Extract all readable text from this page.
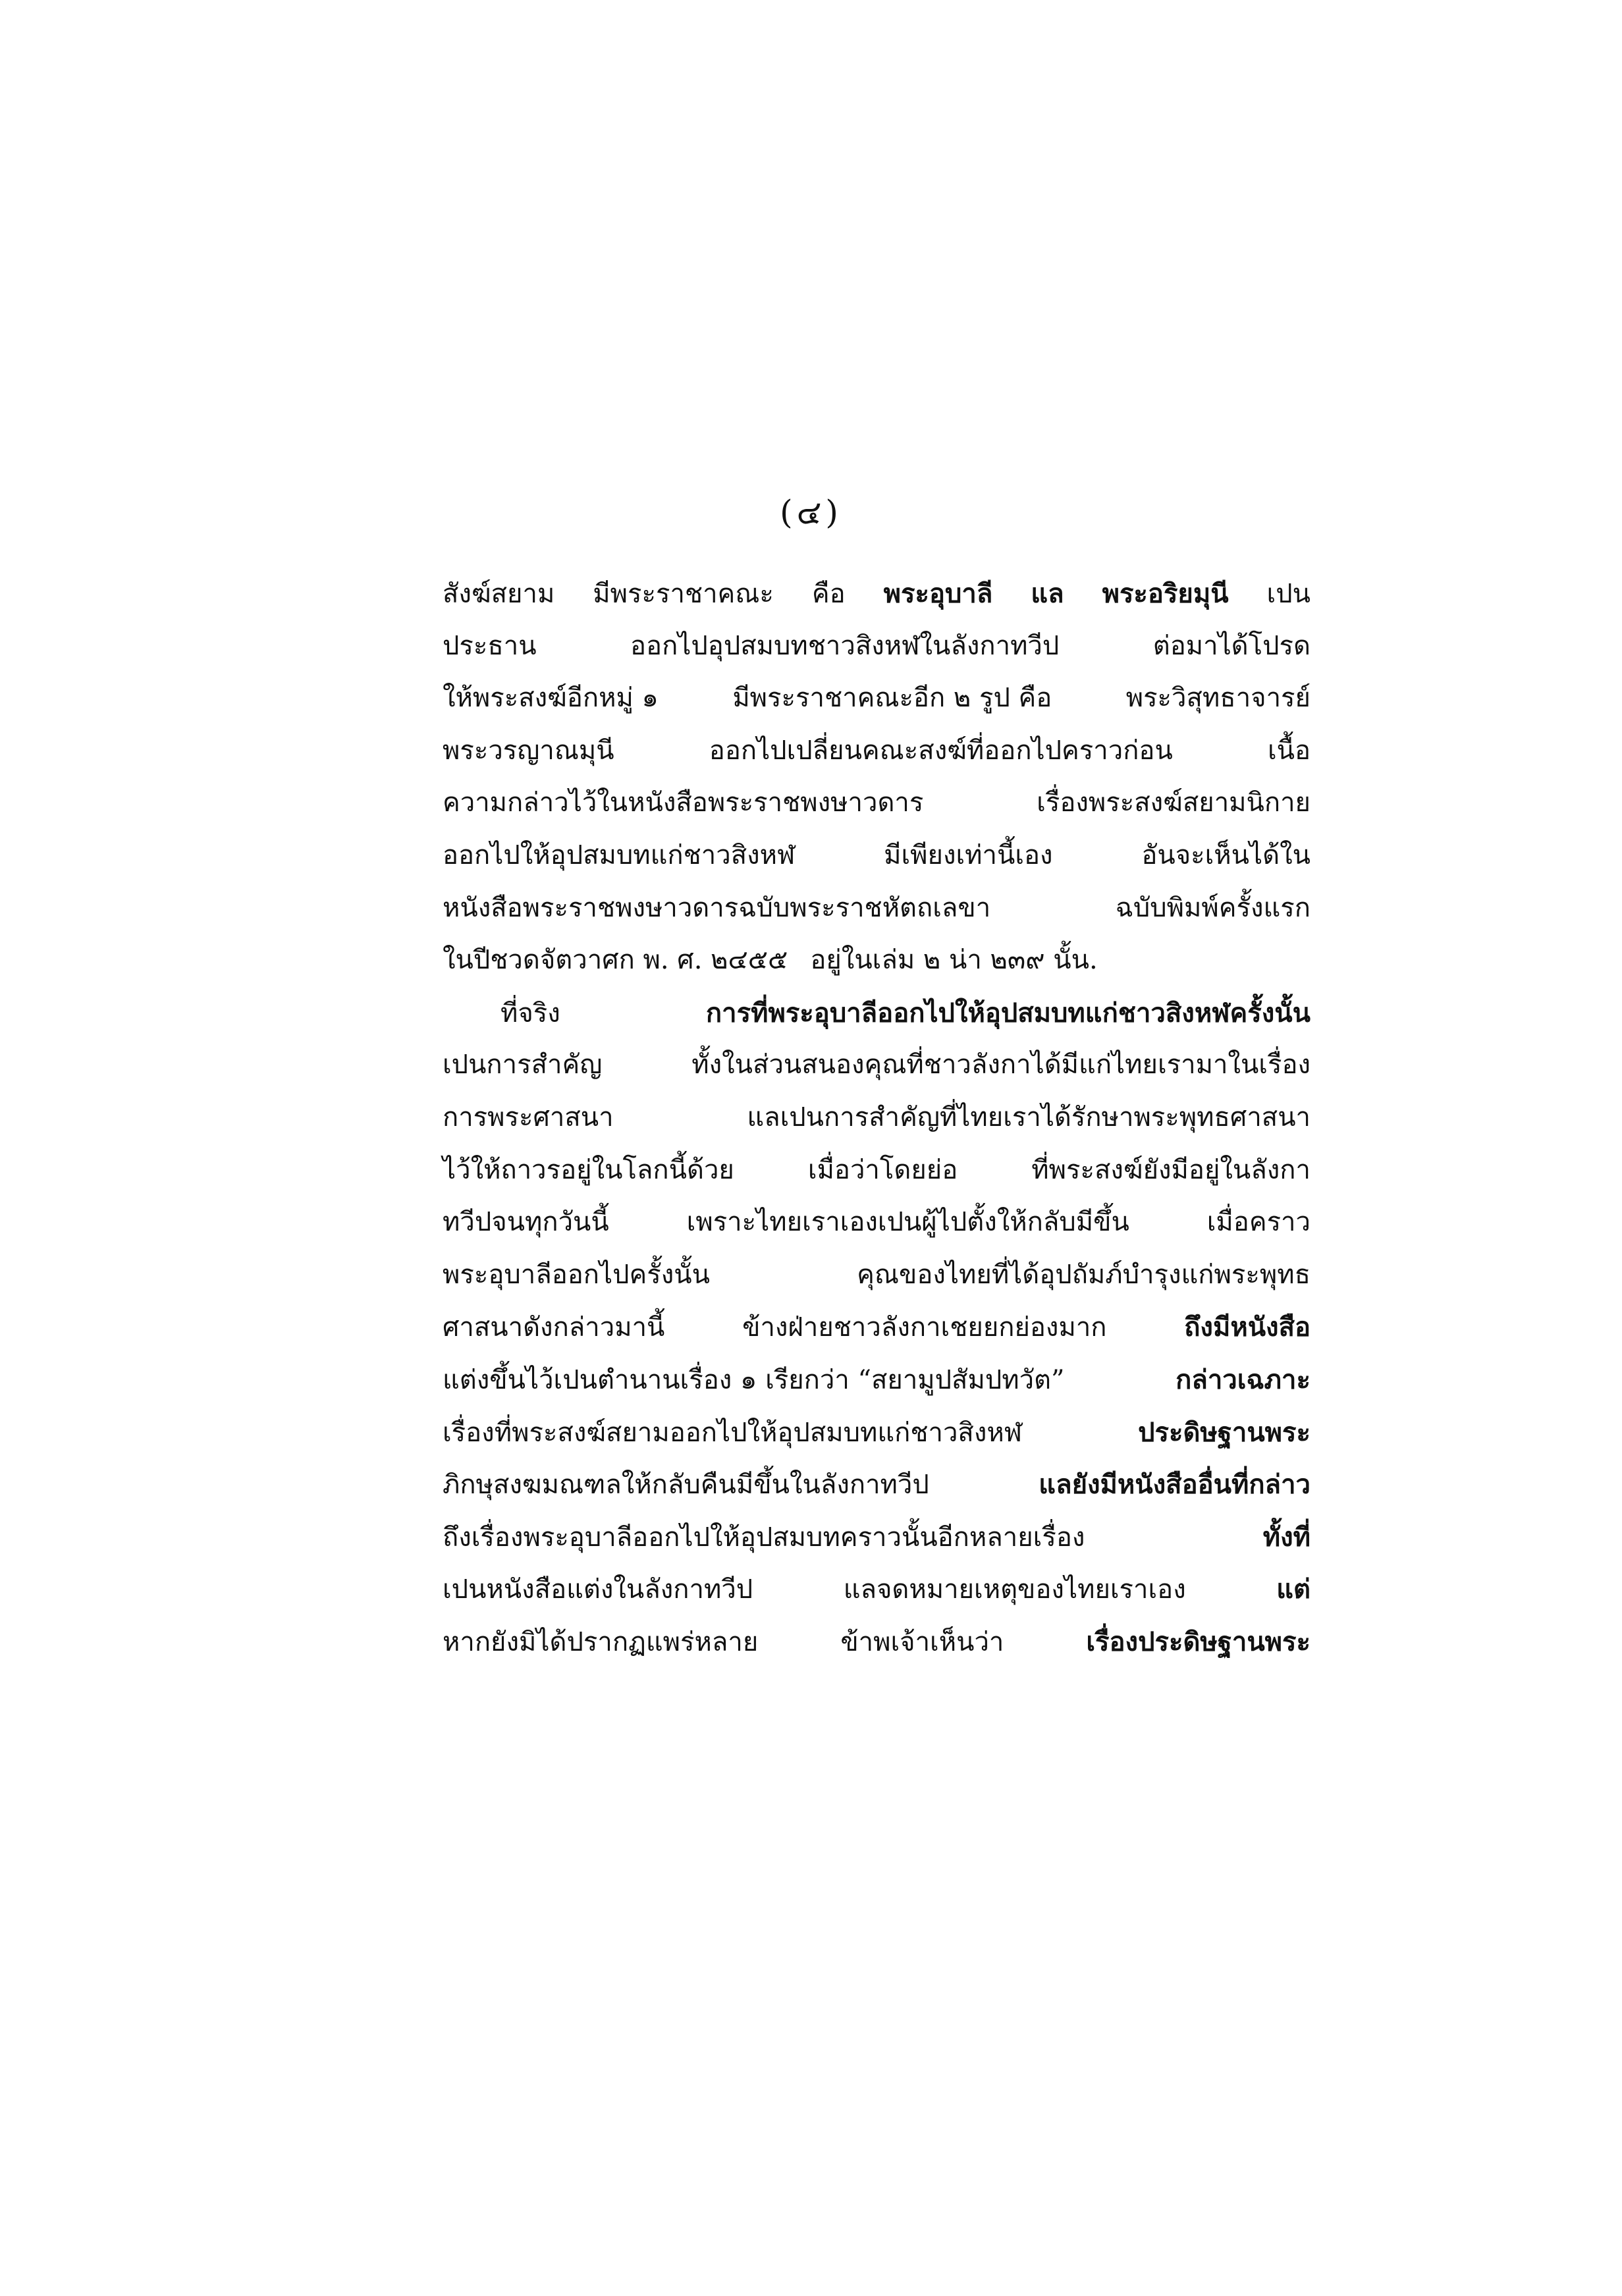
(๔)
สังฆ์สยาม มีพระราชาคณะ คือ พระอุบาลี แล พระอริยมุนี เปน
ประธาน	ออกไปอุปสมบทชาวสิงหฬในลังกาทวีป	ต่อมาได้โปรด
ให้พระสงฆ์อีกหมู่ ๑	มีพระราชาคณะอีก ๒ รูป คือ	พระวิสุทธาจารย์
พระวรญาณมุนี	ออกไปเปลี่ยนคณะสงฆ์ที่ออกไปคราวก่อน	เนื้อ
ความกล่าวไว้ในหนังสือพระราชพงษาวดาร	เรื่องพระสงฆ์สยามนิกาย
ออกไปให้อุปสมบทแก่ชาวสิงหฬ	มีเพียงเท่านี้เอง	อันจะเห็นได้ใน
หนังสือพระราชพงษาวดารฉบับพระราชหัตถเลขา	ฉบับพิมพ์ครั้งแรก
ในปีชวดจัตวาศก พ. ศ. ๒๔๕๕ อยู่ในเล่ม ๒ น่า ๒๓๙ นั้น.
ที่จริง	การที่พระอุบาลีออกไปให้อุปสมบทแก่ชาวสิงหฬครั้งนั้น
เปนการสำคัญ	ทั้งในส่วนสนองคุณที่ชาวลังกาได้มีแก่ไทยเรามาในเรื่อง
การพระศาสนา	แลเปนการสำคัญที่ไทยเราได้รักษาพระพุทธศาสนา
ไว้ให้ถาวรอยู่ในโลกนี้ด้วย	เมื่อว่าโดยย่อ	ที่พระสงฆ์ยังมีอยู่ในลังกา
ทวีปจนทุกวันนี้	เพราะไทยเราเองเปนผู้ไปตั้งให้กลับมีขึ้น	เมื่อคราว
พระอุบาลีออกไปครั้งนั้น	คุณของไทยที่ได้อุปถัมภ์บำรุงแก่พระพุทธ
ศาสนาดังกล่าวมานี้	ข้างฝ่ายชาวลังกาเชยยกย่องมาก	ถึงมีหนังสือ
แต่งขึ้นไว้เปนตำนานเรื่อง ๑ เรียกว่า “สยามูปสัมปทวัต”	กล่าวเฉภาะ
เรื่องที่พระสงฆ์สยามออกไปให้อุปสมบทแก่ชาวสิงหฬ	ประดิษฐานพระ
ภิกษุสงฆมณฑลให้กลับคืนมีขึ้นในลังกาทวีป	แลยังมีหนังสืออื่นที่กล่าว
ถึงเรื่องพระอุบาลีออกไปให้อุปสมบทคราวนั้นอีกหลายเรื่อง	ทั้งที่
เปนหนังสือแต่งในลังกาทวีป	แลจดหมายเหตุของไทยเราเอง	แต่
หากยังมิได้ปรากฏแพร่หลาย	ข้าพเจ้าเห็นว่า	เรื่องประดิษฐานพระ
